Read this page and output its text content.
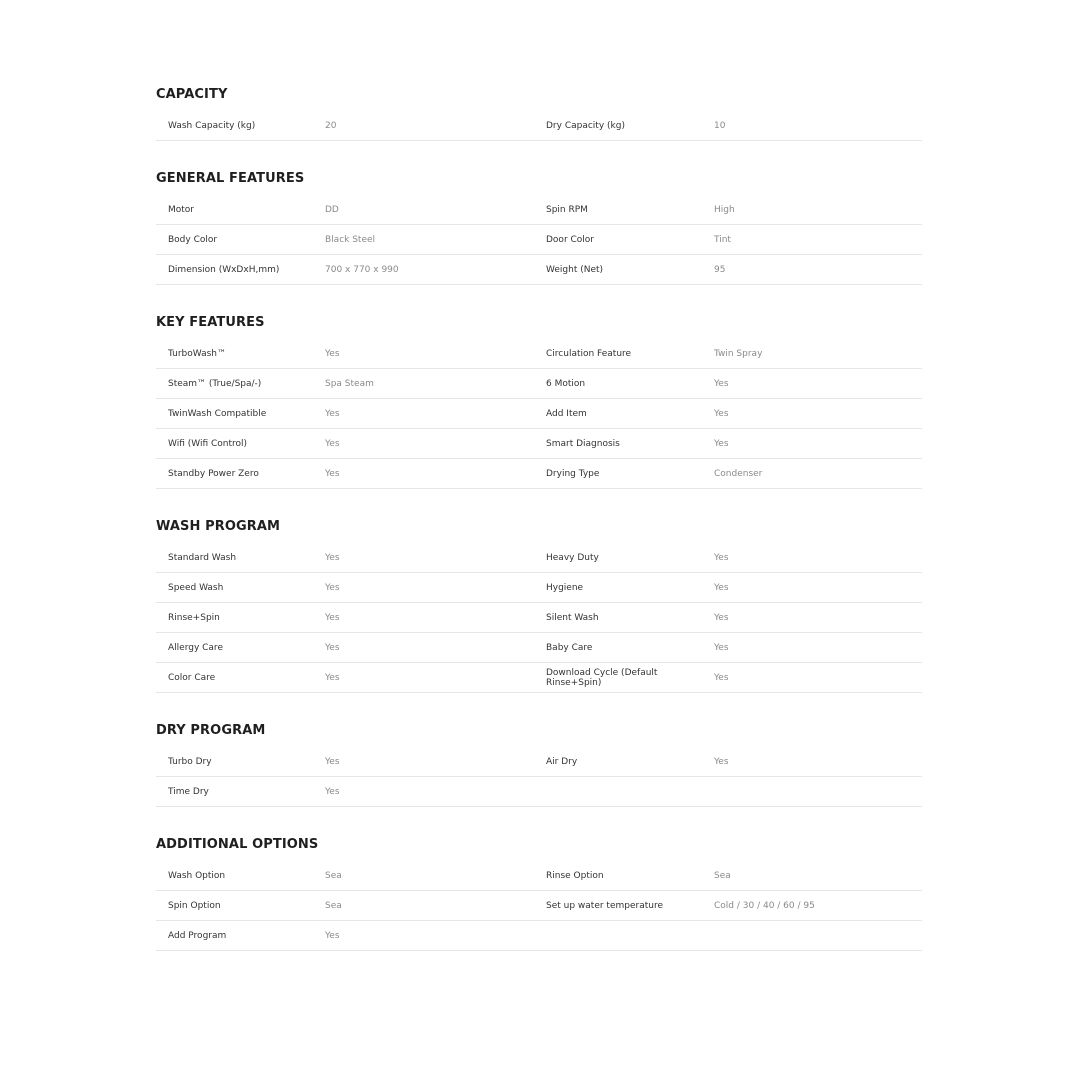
CAPACITY
Wash Capacity (kg)	20	Dry Capacity (kg)	10
GENERAL FEATURES
Motor	DD	Spin RPM	High
Body Color	Black Steel	Door Color	Tint
Dimension (WxDxH,mm)	700 x 770 x 990	Weight (Net)	95
KEY FEATURES
TurboWash™	Yes	Circulation Feature	Twin Spray
Steam™ (True/Spa/-)	Spa Steam	6 Motion	Yes
TwinWash Compatible	Yes	Add Item	Yes
Wifi (Wifi Control)	Yes	Smart Diagnosis	Yes
Standby Power Zero	Yes	Drying Type	Condenser
WASH PROGRAM
Standard Wash	Yes	Heavy Duty	Yes
Speed Wash	Yes	Hygiene	Yes
Rinse+Spin	Yes	Silent Wash	Yes
Allergy Care	Yes	Baby Care	Yes
Color Care	Yes	Download Cycle (Default Rinse+Spin)	Yes
DRY PROGRAM
Turbo Dry	Yes	Air Dry	Yes
Time Dry	Yes
ADDITIONAL OPTIONS
Wash Option	Sea	Rinse Option	Sea
Spin Option	Sea	Set up water temperature	Cold / 30 / 40 / 60 / 95
Add Program	Yes
